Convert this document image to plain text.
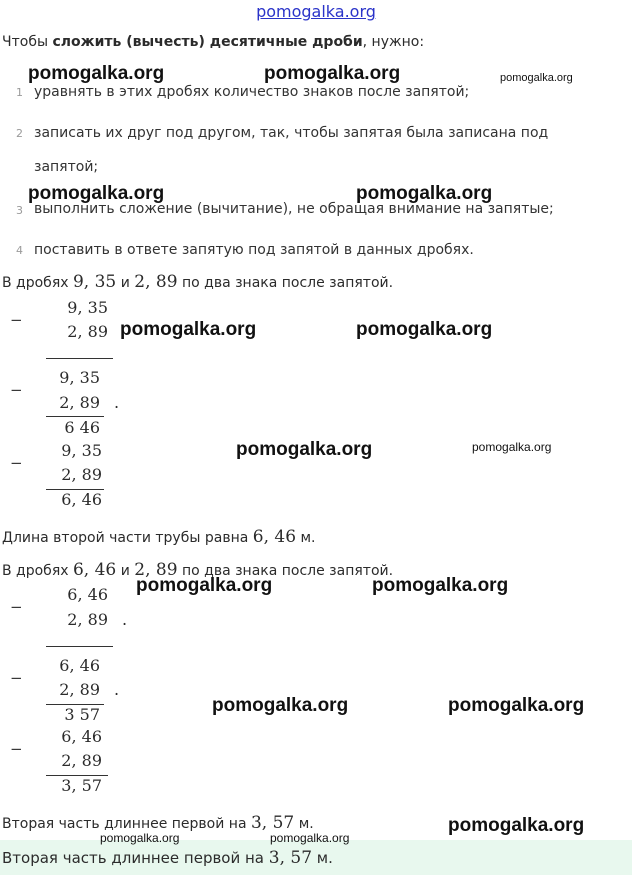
pomogalka.org
Чтобы сложить (вычесть) десятичные дроби, нужно:
1 уравнять в этих дробях количество знаков после запятой;
2 записать их друг под другом, так, чтобы запятая была записана под
запятой;
3 выполнить сложение (вычитание), не обращая внимание на запятые;
4 поставить в ответе запятую под запятой в данных дробях.
В дробях 9, 35 и 2, 89 по два знака после запятой.
−
9, 35
2, 89
−
9, 35
2, 89 .
6 46
−
9, 35
2, 89
6, 46
Длина второй части трубы равна 6, 46 м.
В дробях 6, 46 и 2, 89 по два знака после запятой.
−
6, 46
2, 89 .
−
6, 46
2, 89 .
3 57
−
6, 46
2, 89
3, 57
Вторая часть длиннее первой на 3, 57 м.
Вторая часть длиннее первой на 3, 57 м.
pomogalka.org	pomogalka.org	pomogalka.org
pomogalka.org	pomogalka.org
pomogalka.org	pomogalka.org
pomogalka.org	pomogalka.org
pomogalka.org	pomogalka.org
pomogalka.org	pomogalka.org
pomogalka.org
pomogalka.org	pomogalka.org
